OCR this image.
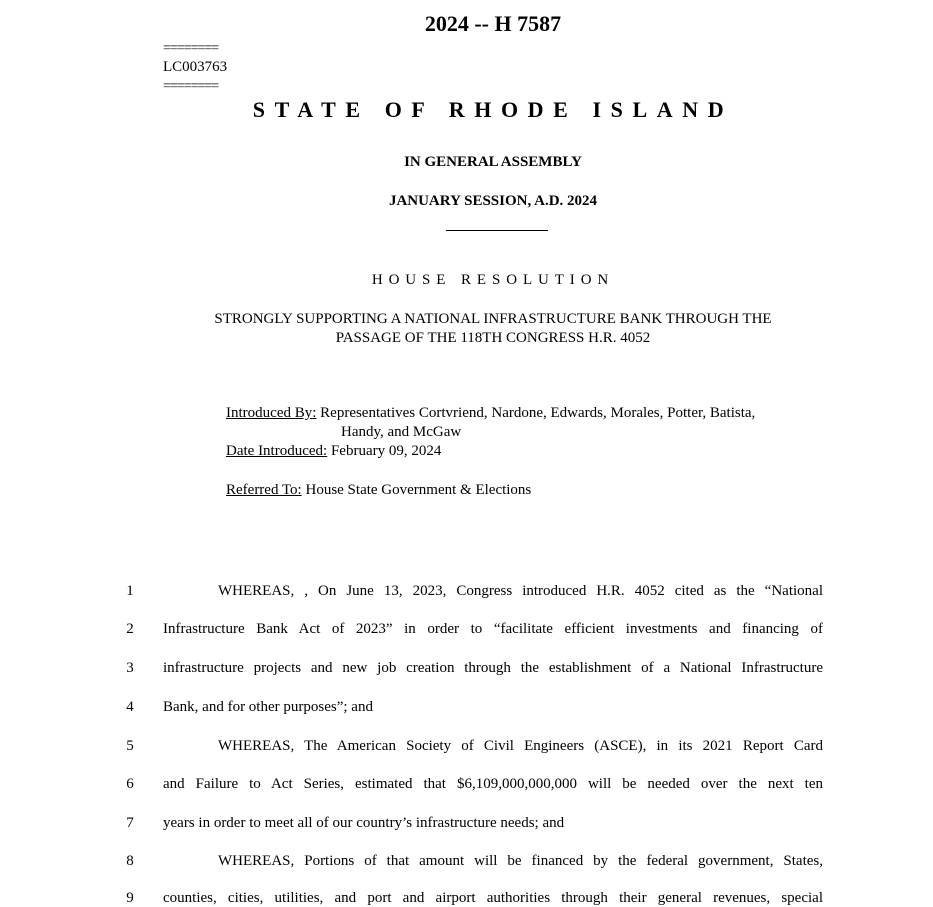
2024 -- H 7587
========
LC003763
========
STATE OF RHODE ISLAND
IN GENERAL ASSEMBLY
JANUARY SESSION, A.D. 2024
HOUSE RESOLUTION
STRONGLY SUPPORTING A NATIONAL INFRASTRUCTURE BANK THROUGH THE
PASSAGE OF THE 118TH CONGRESS H.R. 4052
Introduced By: Representatives Cortvriend, Nardone, Edwards, Morales, Potter, Batista,
Handy, and McGaw
Date Introduced: February 09, 2024
Referred To: House State Government & Elections
1	WHEREAS, , On June 13, 2023, Congress introduced H.R. 4052 cited as the “National
2	Infrastructure Bank Act of 2023” in order to “facilitate efficient investments and financing of
3	infrastructure projects and new job creation through the establishment of a National Infrastructure
4	Bank, and for other purposes”; and
5	WHEREAS, The American Society of Civil Engineers (ASCE), in its 2021 Report Card
6	and Failure to Act Series, estimated that $6,109,000,000,000 will be needed over the next ten
7	years in order to meet all of our country’s infrastructure needs; and
8	WHEREAS, Portions of that amount will be financed by the federal government, States,
9	counties, cities, utilities, and port and airport authorities through their general revenues, special
